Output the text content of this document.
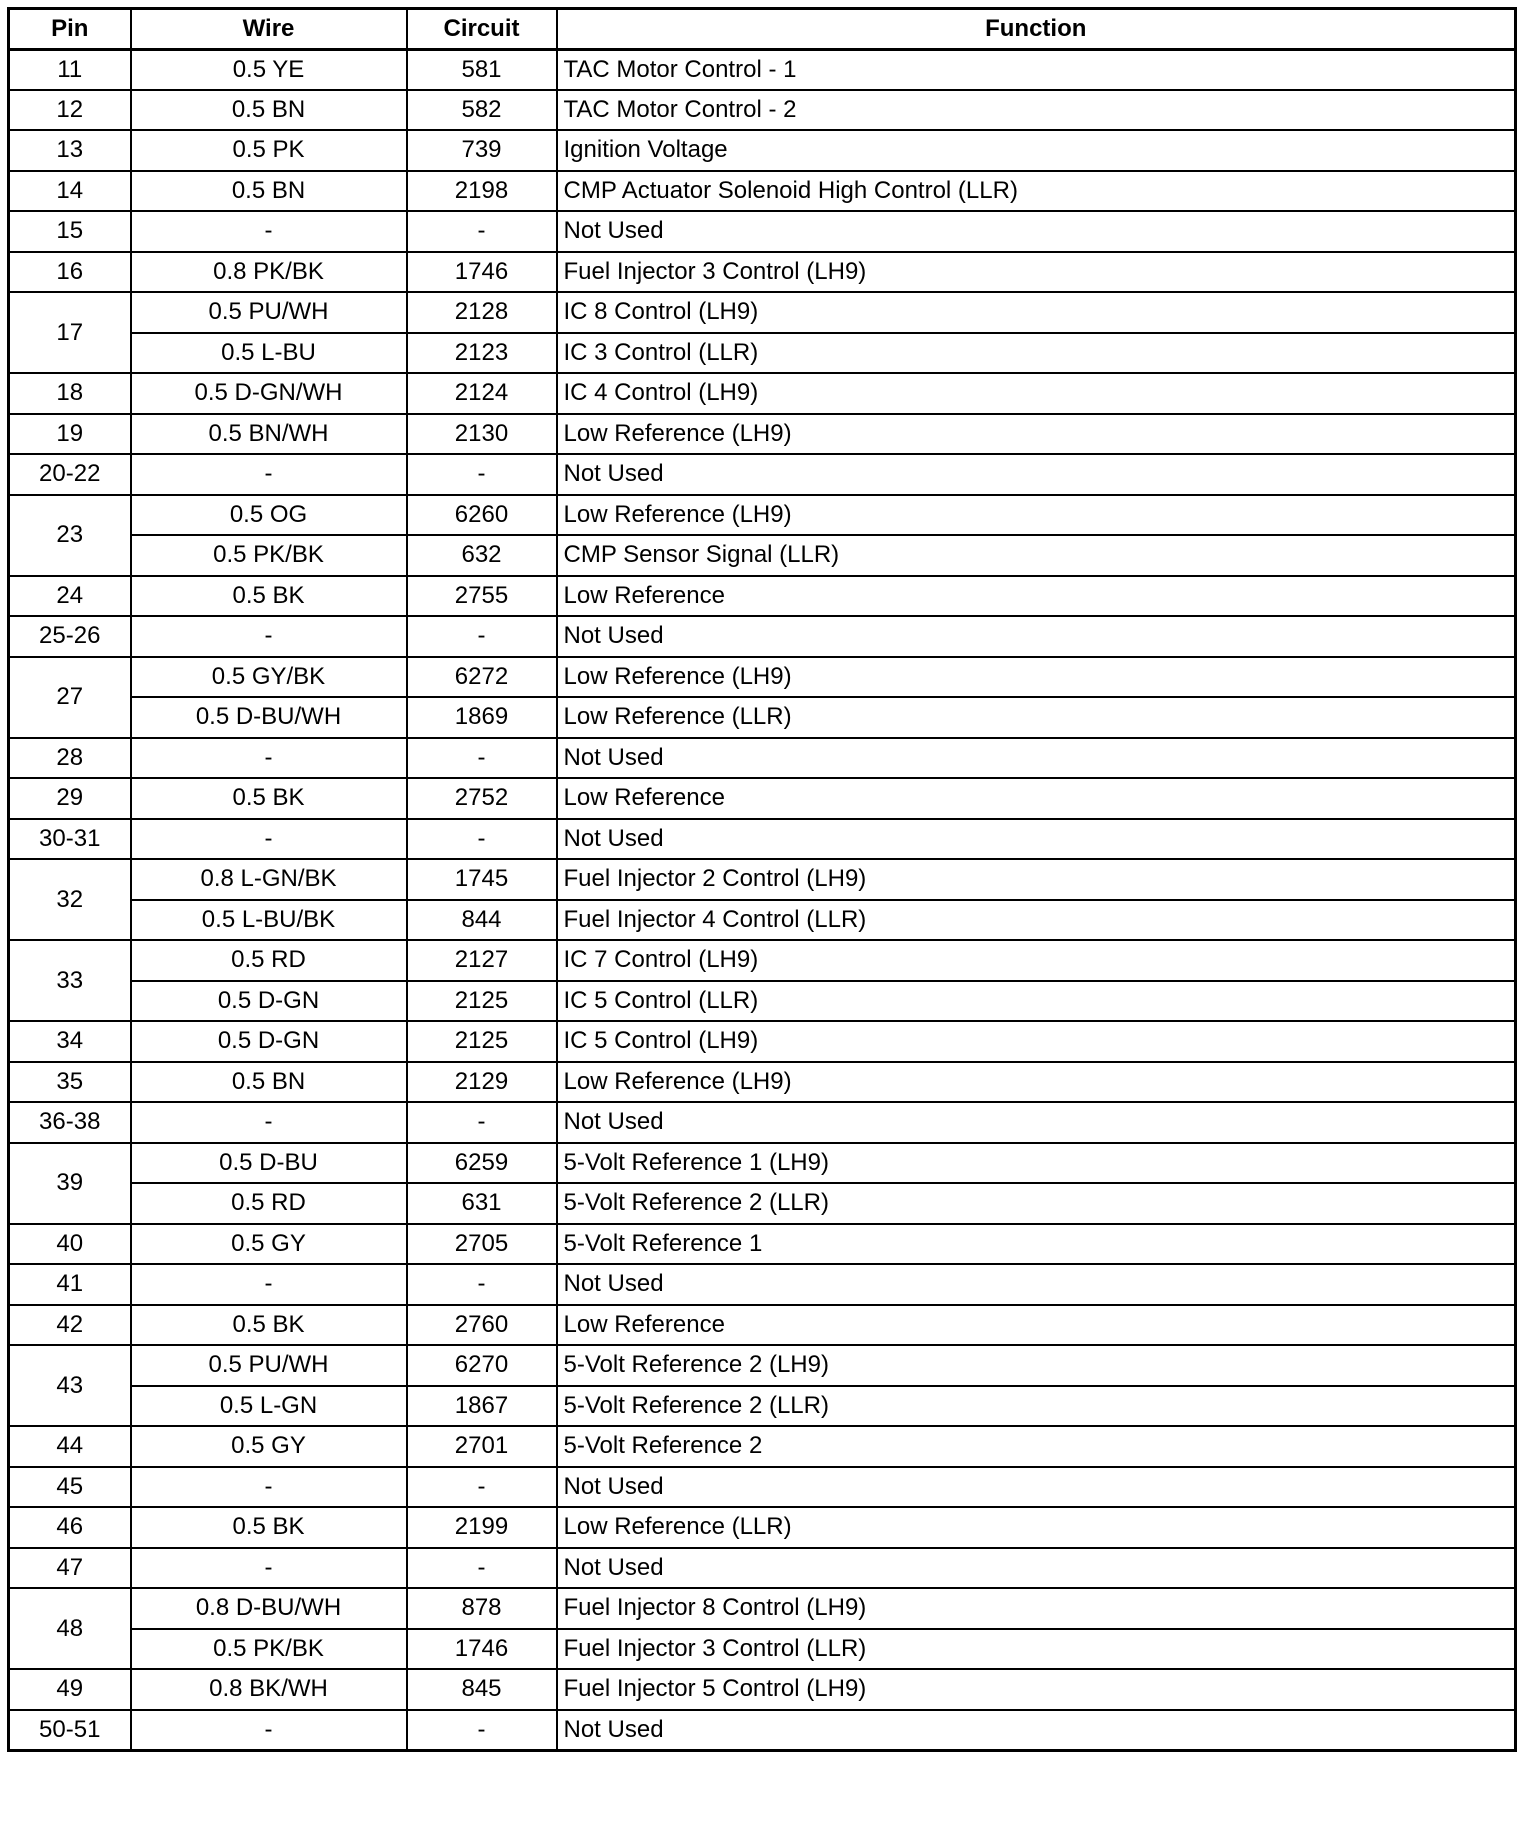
Pin	Wire	Circuit	Function
11	0.5 YE	581	TAC Motor Control - 1
12	0.5 BN	582	TAC Motor Control - 2
13	0.5 PK	739	Ignition Voltage
14	0.5 BN	2198	CMP Actuator Solenoid High Control (LLR)
15	-	-	Not Used
16	0.8 PK/BK	1746	Fuel Injector 3 Control (LH9)
17	0.5 PU/WH	2128	IC 8 Control (LH9)
	0.5 L-BU	2123	IC 3 Control (LLR)
18	0.5 D-GN/WH	2124	IC 4 Control (LH9)
19	0.5 BN/WH	2130	Low Reference (LH9)
20-22	-	-	Not Used
23	0.5 OG	6260	Low Reference (LH9)
	0.5 PK/BK	632	CMP Sensor Signal (LLR)
24	0.5 BK	2755	Low Reference
25-26	-	-	Not Used
27	0.5 GY/BK	6272	Low Reference (LH9)
	0.5 D-BU/WH	1869	Low Reference (LLR)
28	-	-	Not Used
29	0.5 BK	2752	Low Reference
30-31	-	-	Not Used
32	0.8 L-GN/BK	1745	Fuel Injector 2 Control (LH9)
	0.5 L-BU/BK	844	Fuel Injector 4 Control (LLR)
33	0.5 RD	2127	IC 7 Control (LH9)
	0.5 D-GN	2125	IC 5 Control (LLR)
34	0.5 D-GN	2125	IC 5 Control (LH9)
35	0.5 BN	2129	Low Reference (LH9)
36-38	-	-	Not Used
39	0.5 D-BU	6259	5-Volt Reference 1 (LH9)
	0.5 RD	631	5-Volt Reference 2 (LLR)
40	0.5 GY	2705	5-Volt Reference 1
41	-	-	Not Used
42	0.5 BK	2760	Low Reference
43	0.5 PU/WH	6270	5-Volt Reference 2 (LH9)
	0.5 L-GN	1867	5-Volt Reference 2 (LLR)
44	0.5 GY	2701	5-Volt Reference 2
45	-	-	Not Used
46	0.5 BK	2199	Low Reference (LLR)
47	-	-	Not Used
48	0.8 D-BU/WH	878	Fuel Injector 8 Control (LH9)
	0.5 PK/BK	1746	Fuel Injector 3 Control (LLR)
49	0.8 BK/WH	845	Fuel Injector 5 Control (LH9)
50-51	-	-	Not Used
